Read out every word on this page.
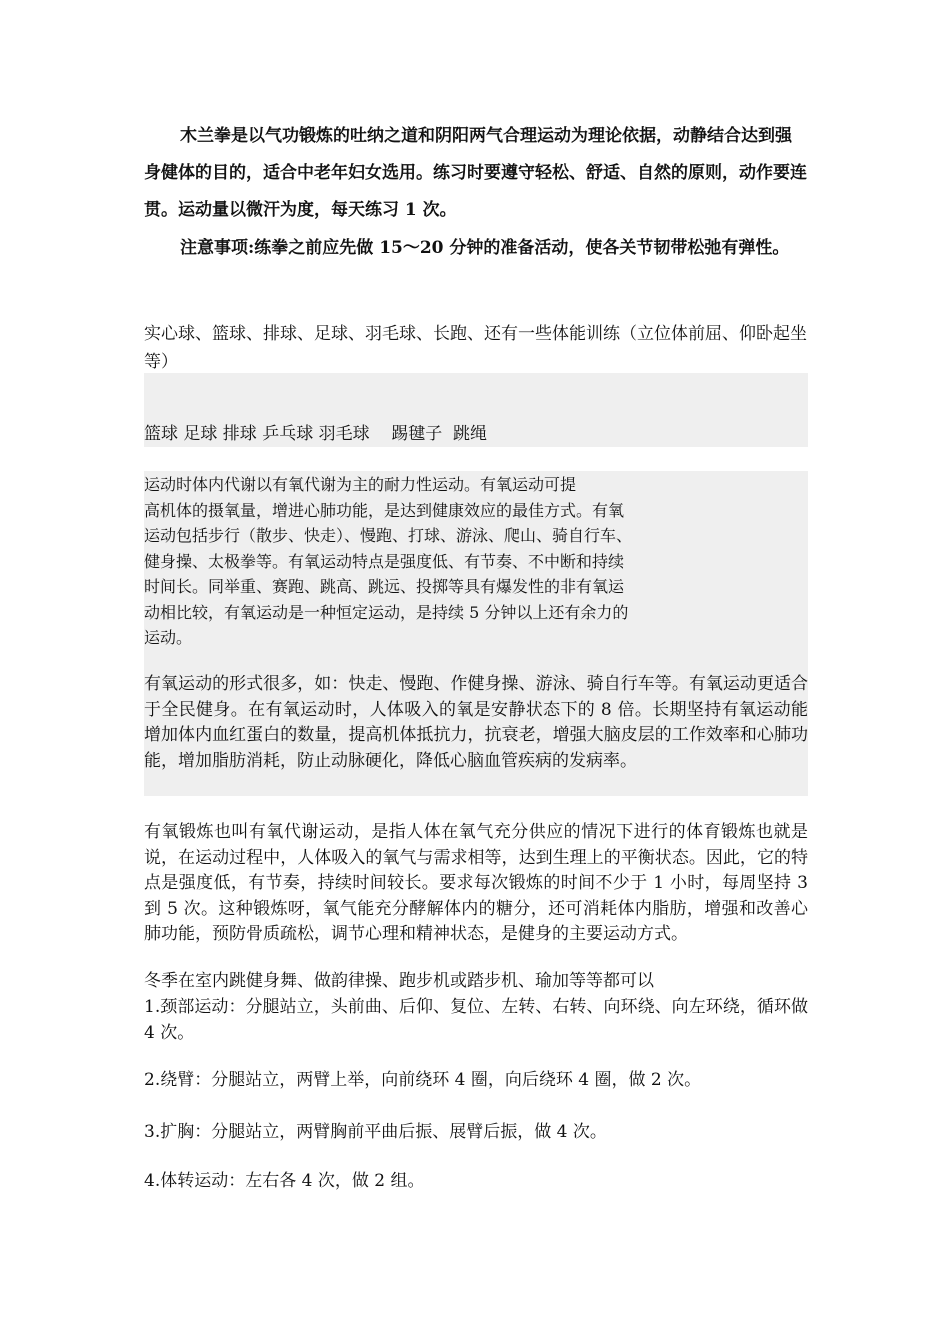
木兰拳是以气功锻炼的吐纳之道和阴阳两气合理运动为理论依据，动静结合达到强身健体的目的，适合中老年妇女选用。练习时要遵守轻松、舒适、自然的原则，动作要连贯。运动量以微汗为度，每天练习 1 次。

注意事项:练拳之前应先做 15～20 分钟的准备活动，使各关节韧带松弛有弹性。

实心球、篮球、排球、足球、羽毛球、长跑、还有一些体能训练（立位体前屈、仰卧起坐等）
篮球 足球 排球 乒乓球 羽毛球    踢毽子  跳绳
运动时体内代谢以有氧代谢为主的耐力性运动。有氧运动可提
高机体的摄氧量，增进心肺功能，是达到健康效应的最佳方式。有氧
运动包括步行（散步、快走）、慢跑、打球、游泳、爬山、骑自行车、
健身操、太极拳等。有氧运动特点是强度低、有节奏、不中断和持续
时间长。同举重、赛跑、跳高、跳远、投掷等具有爆发性的非有氧运
动相比较，有氧运动是一种恒定运动，是持续 5 分钟以上还有余力的
运动。
有氧运动的形式很多，如：快走、慢跑、作健身操、游泳、骑自行车等。有氧运动更适合于全民健身。在有氧运动时，人体吸入的氧是安静状态下的 8 倍。长期坚持有氧运动能增加体内血红蛋白的数量，提高机体抵抗力，抗衰老，增强大脑皮层的工作效率和心肺功能，增加脂肪消耗，防止动脉硬化，降低心脑血管疾病的发病率。
有氧锻炼也叫有氧代谢运动，是指人体在氧气充分供应的情况下进行的体育锻炼也就是说，在运动过程中，人体吸入的氧气与需求相等，达到生理上的平衡状态。因此，它的特点是强度低，有节奏，持续时间较长。要求每次锻炼的时间不少于 1 小时，每周坚持 3 到 5 次。这种锻炼呀，氧气能充分酵解体内的糖分，还可消耗体内脂肪，增强和改善心肺功能，预防骨质疏松，调节心理和精神状态，是健身的主要运动方式。
冬季在室内跳健身舞、做韵律操、跑步机或踏步机、瑜加等等都可以
1.颈部运动：分腿站立，头前曲、后仰、复位、左转、右转、向环绕、向左环绕，循环做 4 次。
2.绕臂：分腿站立，两臂上举，向前绕环 4 圈，向后绕环 4 圈，做 2 次。
3.扩胸：分腿站立，两臂胸前平曲后振、展臂后振，做 4 次。
4.体转运动：左右各 4 次，做 2 组。
